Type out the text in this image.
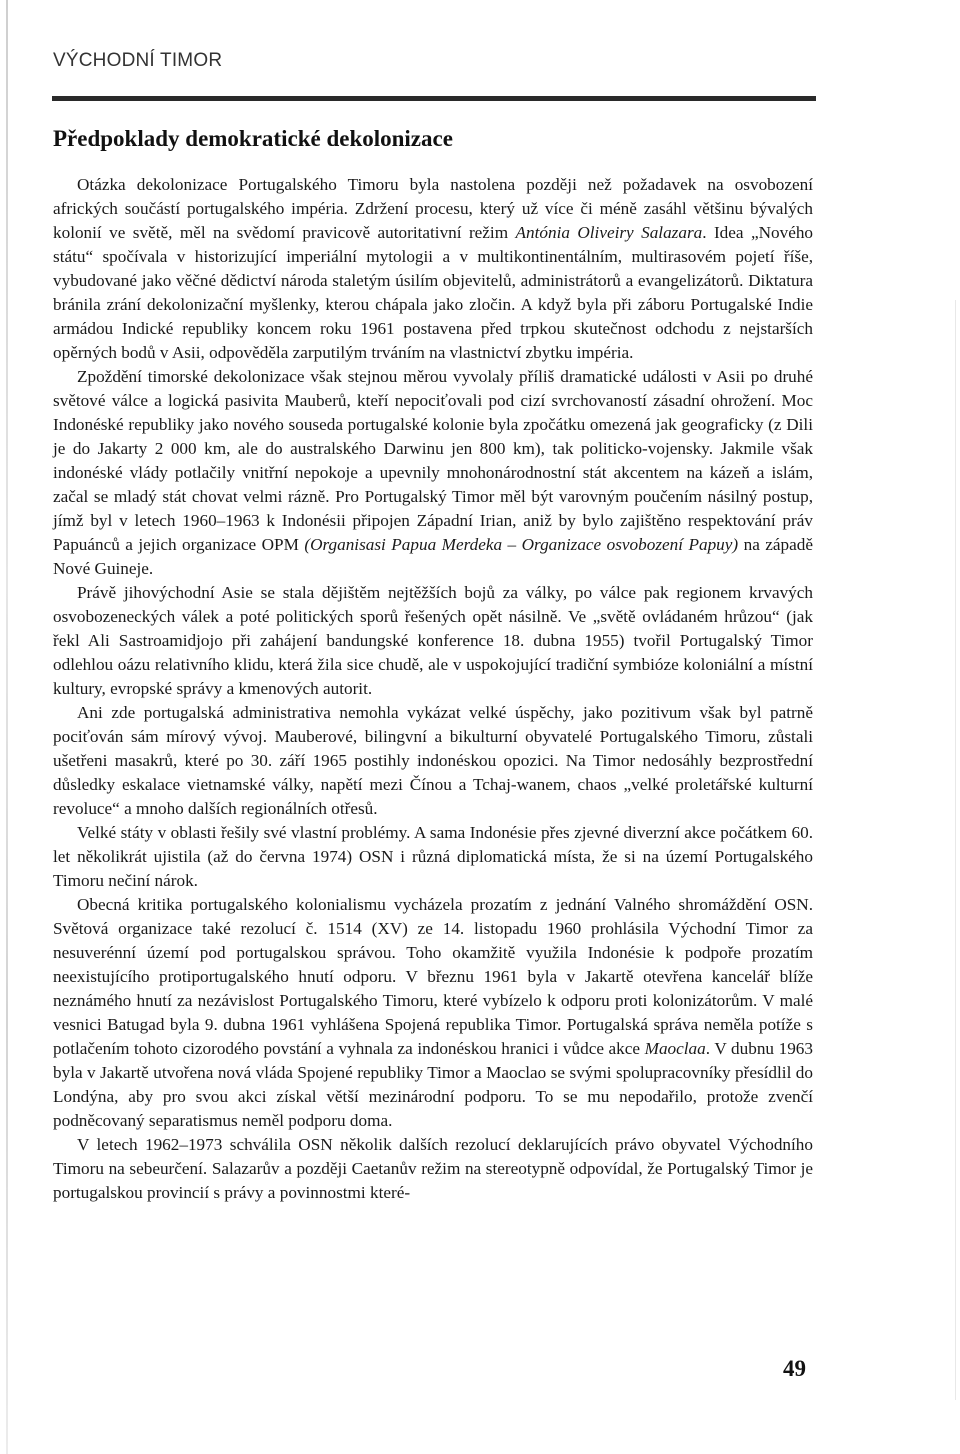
VÝCHODNÍ TIMOR
Předpoklady demokratické dekolonizace

Otázka dekolonizace Portugalského Timoru byla nastolena později než požadavek na osvobození afrických součástí portugalského impéria. Zdržení procesu, který už více či méně zasáhl většinu bývalých kolonií ve světě, měl na svědomí pravicově autoritativní režim Antónia Oliveiry Salazara. Idea „Nového státu“ spočívala v historizující imperiální mytologii a v multikontinentálním, multirasovém pojetí říše, vybudované jako věčné dědictví národa staletým úsilím objevitelů, administrátorů a evangelizátorů. Diktatura bránila zrání dekolonizační myšlenky, kterou chápala jako zločin. A když byla při záboru Portugalské Indie armádou Indické republiky koncem roku 1961 postavena před trpkou skutečnost odchodu z nejstarších opěrných bodů v Asii, odpověděla zarputilým trváním na vlastnictví zbytku impéria.

Zpoždění timorské dekolonizace však stejnou měrou vyvolaly příliš dramatické události v Asii po druhé světové válce a logická pasivita Mauberů, kteří nepociťovali pod cizí svrchovaností zásadní ohrožení. Moc Indonéské republiky jako nového souseda portugalské kolonie byla zpočátku omezená jak geograficky (z Dili je do Jakarty 2 000 km, ale do australského Darwinu jen 800 km), tak politicko-vojensky. Jakmile však indonéské vlády potlačily vnitřní nepokoje a upevnily mnohonárodnostní stát akcentem na kázeň a islám, začal se mladý stát chovat velmi rázně. Pro Portugalský Timor měl být varovným poučením násilný postup, jímž byl v letech 1960–1963 k Indonésii připojen Západní Irian, aniž by bylo zajištěno respektování práv Papuánců a jejich organizace OPM (Organisasi Papua Merdeka – Organizace osvobození Papuy) na západě Nové Guineje.

Právě jihovýchodní Asie se stala dějištěm nejtěžších bojů za války, po válce pak regionem krvavých osvobozeneckých válek a poté politických sporů řešených opět násilně. Ve „světě ovládaném hrůzou“ (jak řekl Ali Sastroamidjojo při zahájení bandungské konference 18. dubna 1955) tvořil Portugalský Timor odlehlou oázu relativního klidu, která žila sice chudě, ale v uspokojující tradiční symbióze koloniální a místní kultury, evropské správy a kmenových autorit.

Ani zde portugalská administrativa nemohla vykázat velké úspěchy, jako pozitivum však byl patrně pociťován sám mírový vývoj. Mauberové, bilingvní a bikulturní obyvatelé Portugalského Timoru, zůstali ušetřeni masakrů, které po 30. září 1965 postihly indonéskou opozici. Na Timor nedosáhly bezprostřední důsledky eskalace vietnamské války, napětí mezi Čínou a Tchaj-wanem, chaos „velké proletářské kulturní revoluce“ a mnoho dalších regionálních otřesů.

Velké státy v oblasti řešily své vlastní problémy. A sama Indonésie přes zjevné diverzní akce počátkem 60. let několikrát ujistila (až do června 1974) OSN i různá diplomatická místa, že si na území Portugalského Timoru nečiní nárok.

Obecná kritika portugalského kolonialismu vycházela prozatím z jednání Valného shromáždění OSN. Světová organizace také rezolucí č. 1514 (XV) ze 14. listopadu 1960 prohlásila Východní Timor za nesuverénní území pod portugalskou správou. Toho okamžitě využila Indonésie k podpoře prozatím neexistujícího protiportugalského hnutí odporu. V březnu 1961 byla v Jakartě otevřena kancelář blíže neznámého hnutí za nezávislost Portugalského Timoru, které vybízelo k odporu proti kolonizátorům. V malé vesnici Batugad byla 9. dubna 1961 vyhlášena Spojená republika Timor. Portugalská správa neměla potíže s potlačením tohoto cizorodého povstání a vyhnala za indonéskou hranici i vůdce akce Maoclaa. V dubnu 1963 byla v Jakartě utvořena nová vláda Spojené republiky Timor a Maoclao se svými spolupracovníky přesídlil do Londýna, aby pro svou akci získal větší mezinárodní podporu. To se mu nepodařilo, protože zvenčí podněcovaný separatismus neměl podporu doma.

V letech 1962–1973 schválila OSN několik dalších rezolucí deklarujících právo obyvatel Východního Timoru na sebeurčení. Salazarův a později Caetanův režim na stereotypně odpovídal, že Portugalský Timor je portugalskou provincií s právy a povinnostmi které-

49
